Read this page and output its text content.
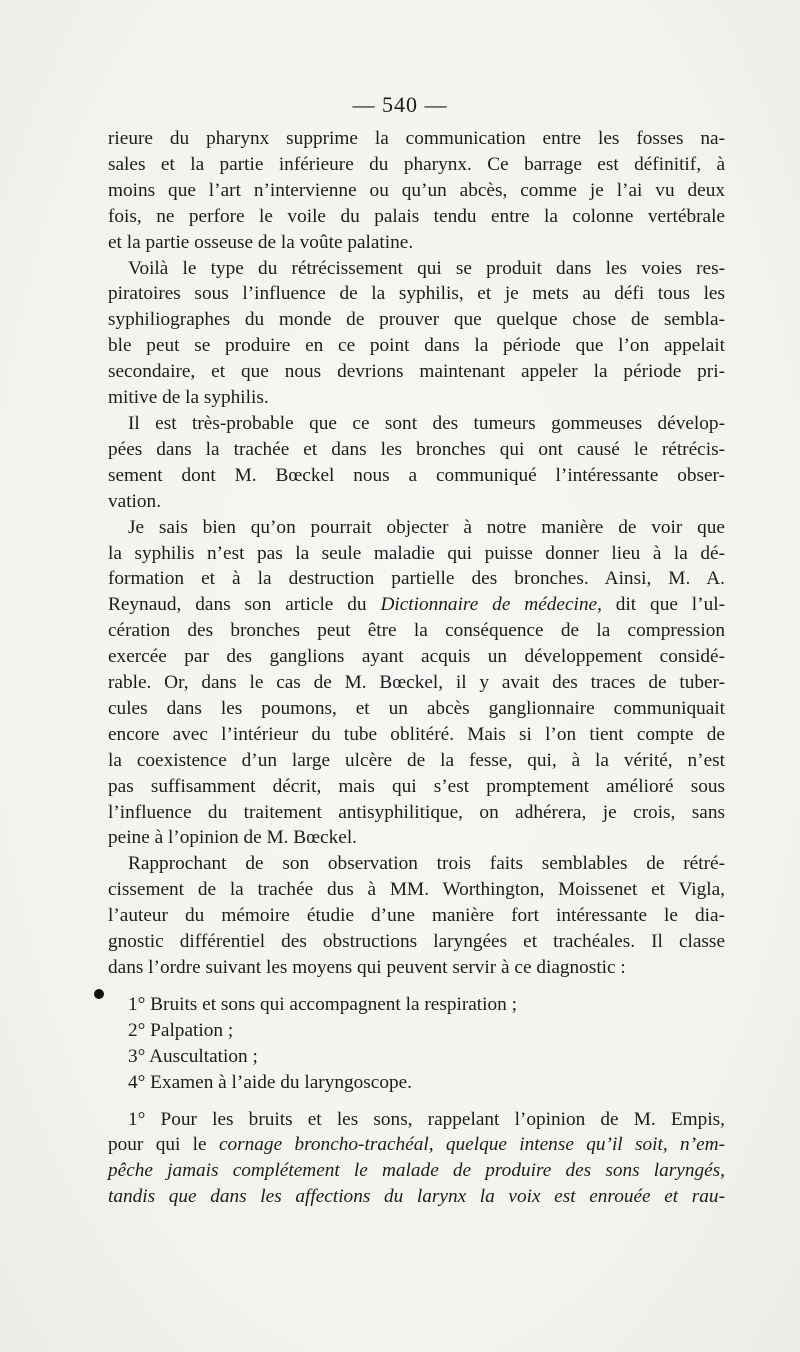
— 540 —
rieure du pharynx supprime la communication entre les fosses na-
sales et la partie inférieure du pharynx. Ce barrage est définitif, à
moins que l’art n’intervienne ou qu’un abcès, comme je l’ai vu deux
fois, ne perfore le voile du palais tendu entre la colonne vertébrale
et la partie osseuse de la voûte palatine.
Voilà le type du rétrécissement qui se produit dans les voies res-
piratoires sous l’influence de la syphilis, et je mets au défi tous les
syphiliographes du monde de prouver que quelque chose de sembla-
ble peut se produire en ce point dans la période que l’on appelait
secondaire, et que nous devrions maintenant appeler la période pri-
mitive de la syphilis.
Il est très-probable que ce sont des tumeurs gommeuses dévelop-
pées dans la trachée et dans les bronches qui ont causé le rétrécis-
sement dont M. Bœckel nous a communiqué l’intéressante obser-
vation.
Je sais bien qu’on pourrait objecter à notre manière de voir que
la syphilis n’est pas la seule maladie qui puisse donner lieu à la dé-
formation et à la destruction partielle des bronches. Ainsi, M. A.
Reynaud, dans son article du Dictionnaire de médecine, dit que l’ul-
cération des bronches peut être la conséquence de la compression
exercée par des ganglions ayant acquis un développement considé-
rable. Or, dans le cas de M. Bœckel, il y avait des traces de tuber-
cules dans les poumons, et un abcès ganglionnaire communiquait
encore avec l’intérieur du tube oblitéré. Mais si l’on tient compte de
la coexistence d’un large ulcère de la fesse, qui, à la vérité, n’est
pas suffisamment décrit, mais qui s’est promptement amélioré sous
l’influence du traitement antisyphilitique, on adhérera, je crois, sans
peine à l’opinion de M. Bœckel.
Rapprochant de son observation trois faits semblables de rétré-
cissement de la trachée dus à MM. Worthington, Moissenet et Vigla,
l’auteur du mémoire étudie d’une manière fort intéressante le dia-
gnostic différentiel des obstructions laryngées et trachéales. Il classe
dans l’ordre suivant les moyens qui peuvent servir à ce diagnostic :
1° Bruits et sons qui accompagnent la respiration ;
2° Palpation ;
3° Auscultation ;
4° Examen à l’aide du laryngoscope.
1° Pour les bruits et les sons, rappelant l’opinion de M. Empis,
pour qui le cornage broncho-trachéal, quelque intense qu’il soit, n’em-
pêche jamais complétement le malade de produire des sons laryngés,
tandis que dans les affections du larynx la voix est enrouée et rau-
